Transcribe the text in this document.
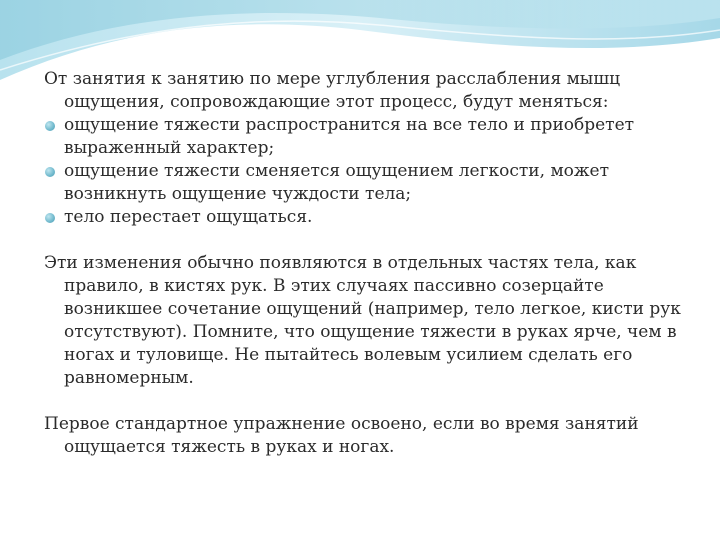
От занятия к занятию по мере углубления расслабления мышц ощущения, сопровождающие этот процесс, будут меняться:

ощущение тяжести распространится на все тело и приобретет выраженный характер;
ощущение тяжести сменяется ощущением легкости, может возникнуть ощущение чуждости тела;
тело перестает ощущаться.

Эти изменения обычно появляются в отдельных частях тела, как правило, в кистях рук. В этих случаях пассивно созерцайте возникшее сочетание ощущений (например, тело легкое, кисти рук отсутствуют). Помните, что ощущение тяжести в руках ярче, чем в ногах и туловище. Не пытайтесь волевым усилием сделать его равномерным.

Первое стандартное упражнение освоено, если во время занятий ощущается тяжесть в руках и ногах.
